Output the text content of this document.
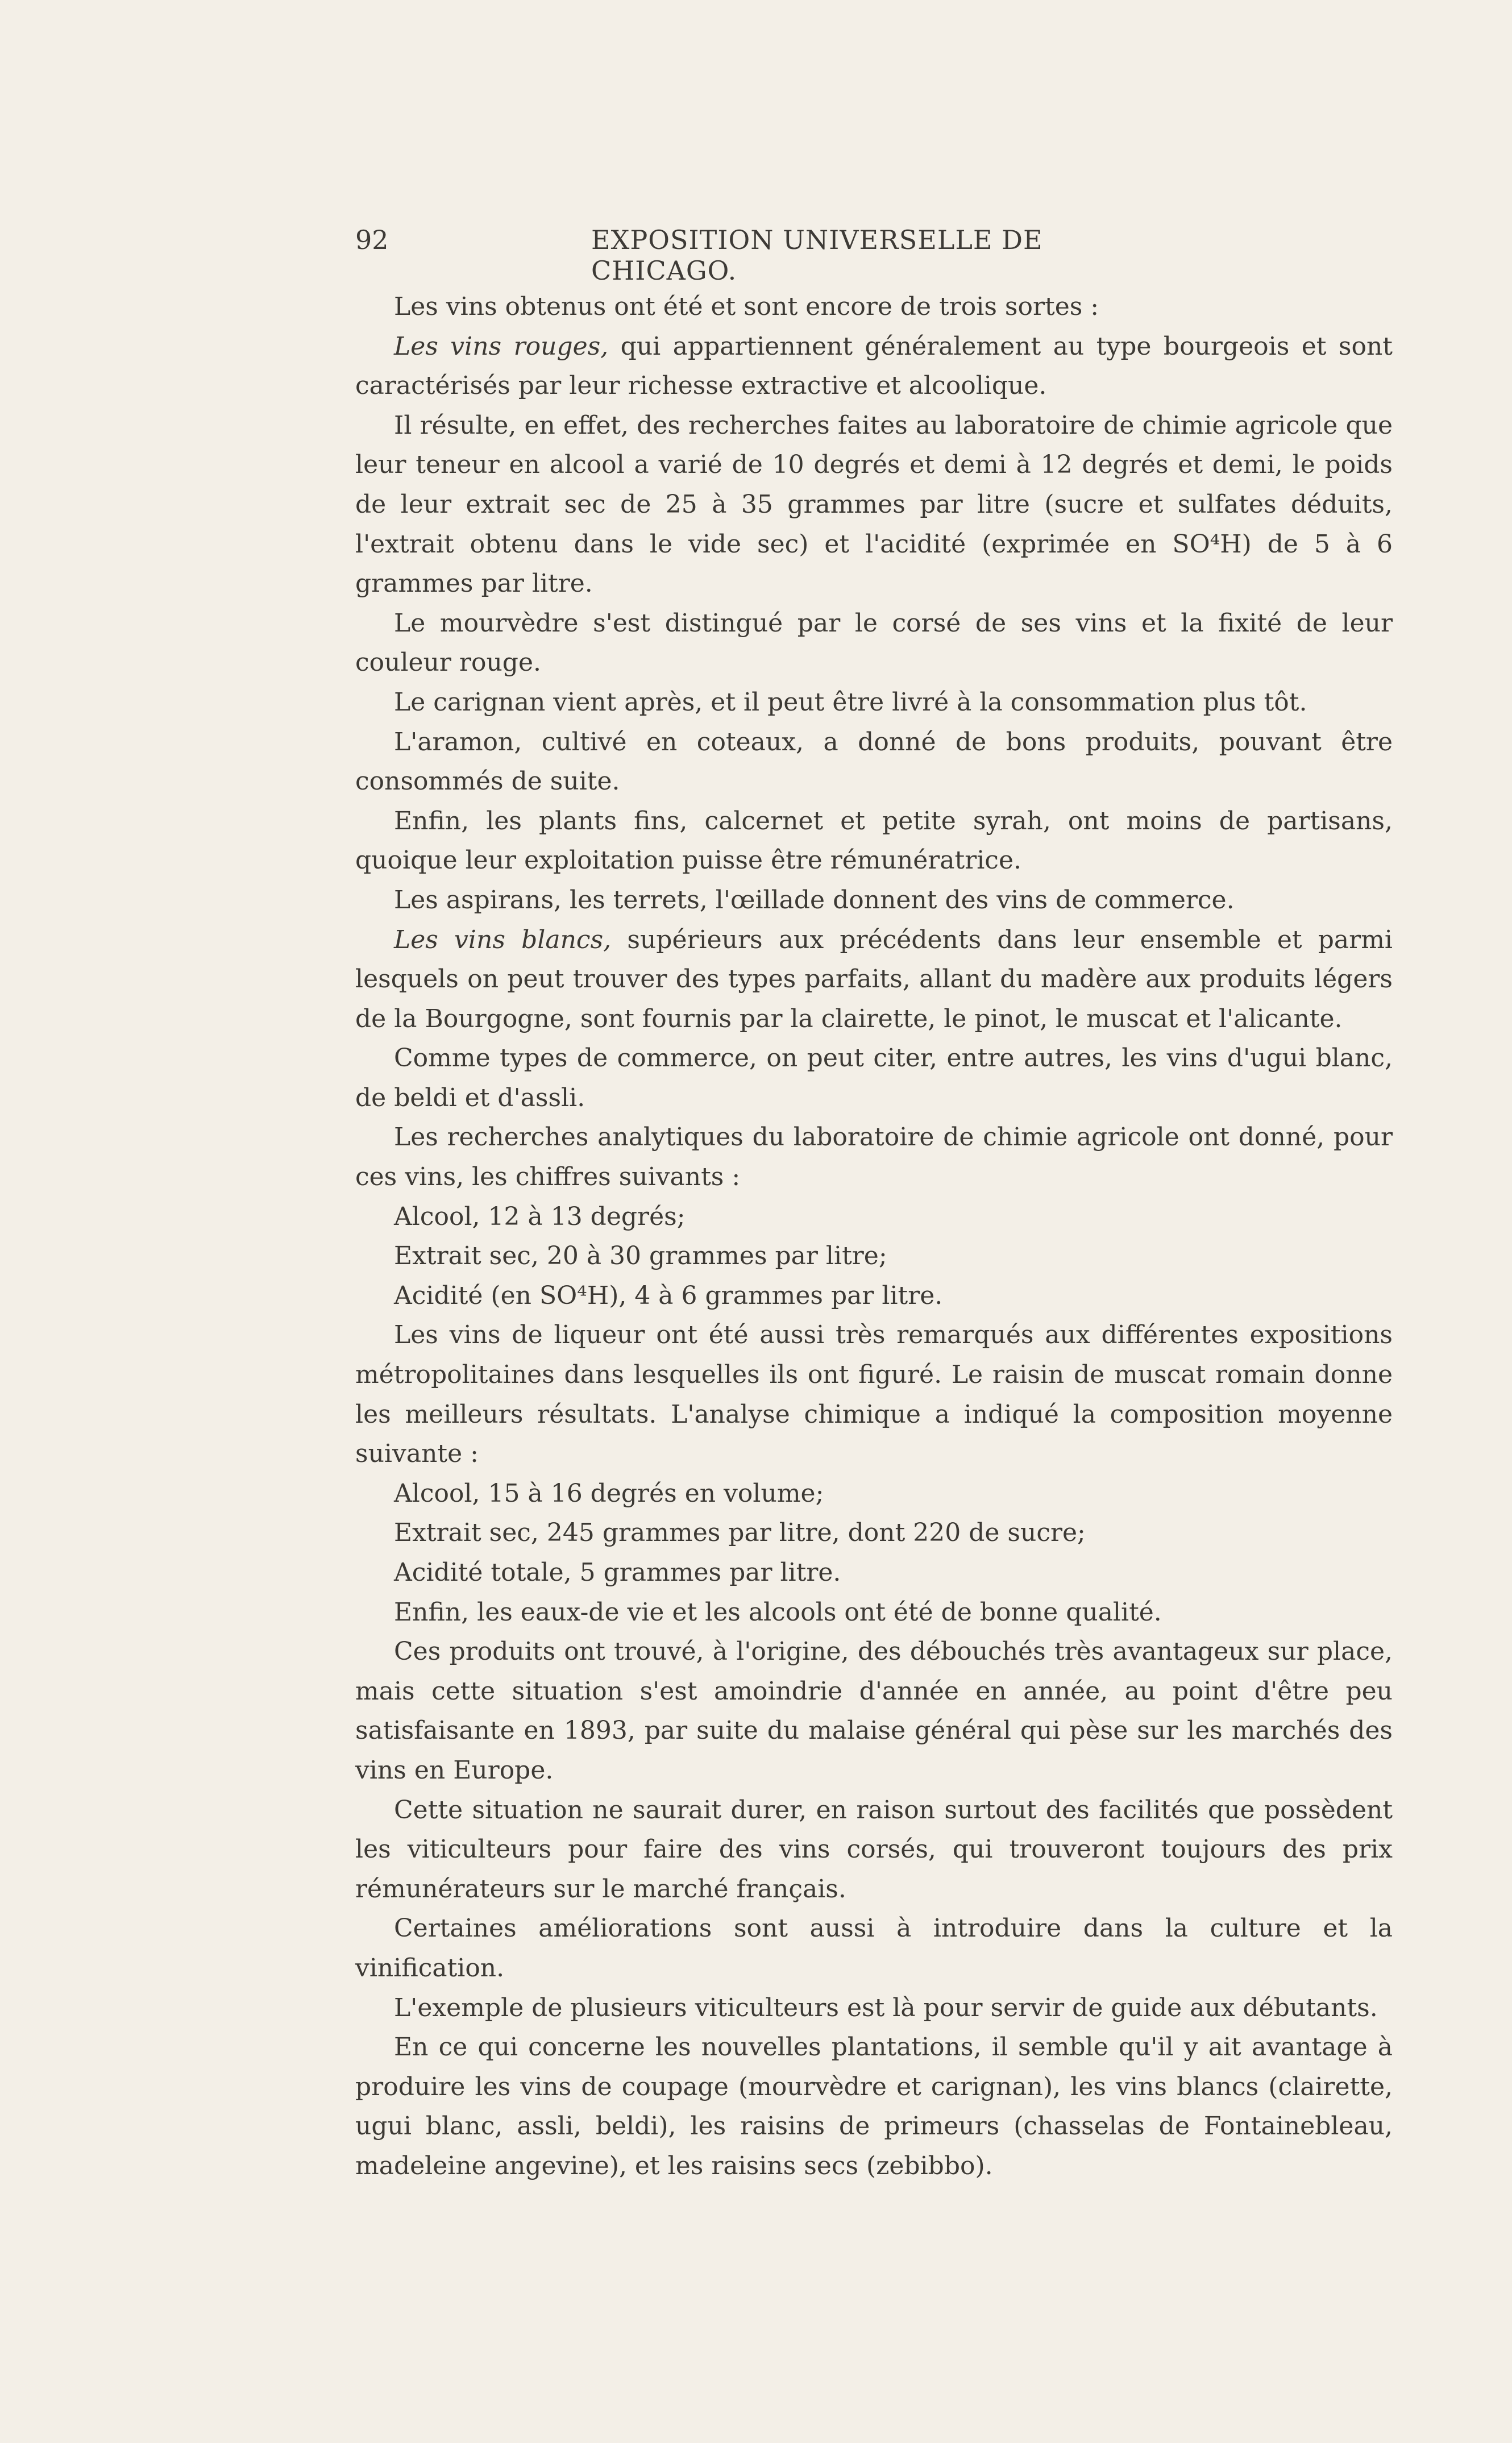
92	EXPOSITION UNIVERSELLE DE CHICAGO.

Les vins obtenus ont été et sont encore de trois sortes :

Les vins rouges, qui appartiennent généralement au type bourgeois et sont caractérisés par leur richesse extractive et alcoolique.

Il résulte, en effet, des recherches faites au laboratoire de chimie agricole que leur teneur en alcool a varié de 10 degrés et demi à 12 degrés et demi, le poids de leur extrait sec de 25 à 35 grammes par litre (sucre et sulfates déduits, l'extrait obtenu dans le vide sec) et l'acidité (exprimée en SO⁴H) de 5 à 6 grammes par litre.

Le mourvèdre s'est distingué par le corsé de ses vins et la fixité de leur couleur rouge.

Le carignan vient après, et il peut être livré à la consommation plus tôt.

L'aramon, cultivé en coteaux, a donné de bons produits, pouvant être consommés de suite.

Enfin, les plants fins, calcernet et petite syrah, ont moins de partisans, quoique leur exploitation puisse être rémunératrice.

Les aspirans, les terrets, l'œillade donnent des vins de commerce.

Les vins blancs, supérieurs aux précédents dans leur ensemble et parmi lesquels on peut trouver des types parfaits, allant du madère aux produits légers de la Bourgogne, sont fournis par la clairette, le pinot, le muscat et l'alicante.

Comme types de commerce, on peut citer, entre autres, les vins d'ugui blanc, de beldi et d'assli.

Les recherches analytiques du laboratoire de chimie agricole ont donné, pour ces vins, les chiffres suivants :

Alcool, 12 à 13 degrés;

Extrait sec, 20 à 30 grammes par litre;

Acidité (en SO⁴H), 4 à 6 grammes par litre.

Les vins de liqueur ont été aussi très remarqués aux différentes expositions métropolitaines dans lesquelles ils ont figuré. Le raisin de muscat romain donne les meilleurs résultats. L'analyse chimique a indiqué la composition moyenne suivante :

Alcool, 15 à 16 degrés en volume;

Extrait sec, 245 grammes par litre, dont 220 de sucre;

Acidité totale, 5 grammes par litre.

Enfin, les eaux-de vie et les alcools ont été de bonne qualité.

Ces produits ont trouvé, à l'origine, des débouchés très avantageux sur place, mais cette situation s'est amoindrie d'année en année, au point d'être peu satisfaisante en 1893, par suite du malaise général qui pèse sur les marchés des vins en Europe.

Cette situation ne saurait durer, en raison surtout des facilités que possèdent les viticulteurs pour faire des vins corsés, qui trouveront toujours des prix rémunérateurs sur le marché français.

Certaines améliorations sont aussi à introduire dans la culture et la vinification.

L'exemple de plusieurs viticulteurs est là pour servir de guide aux débutants.

En ce qui concerne les nouvelles plantations, il semble qu'il y ait avantage à produire les vins de coupage (mourvèdre et carignan), les vins blancs (clairette, ugui blanc, assli, beldi), les raisins de primeurs (chasselas de Fontainebleau, madeleine angevine), et les raisins secs (zebibbo).
